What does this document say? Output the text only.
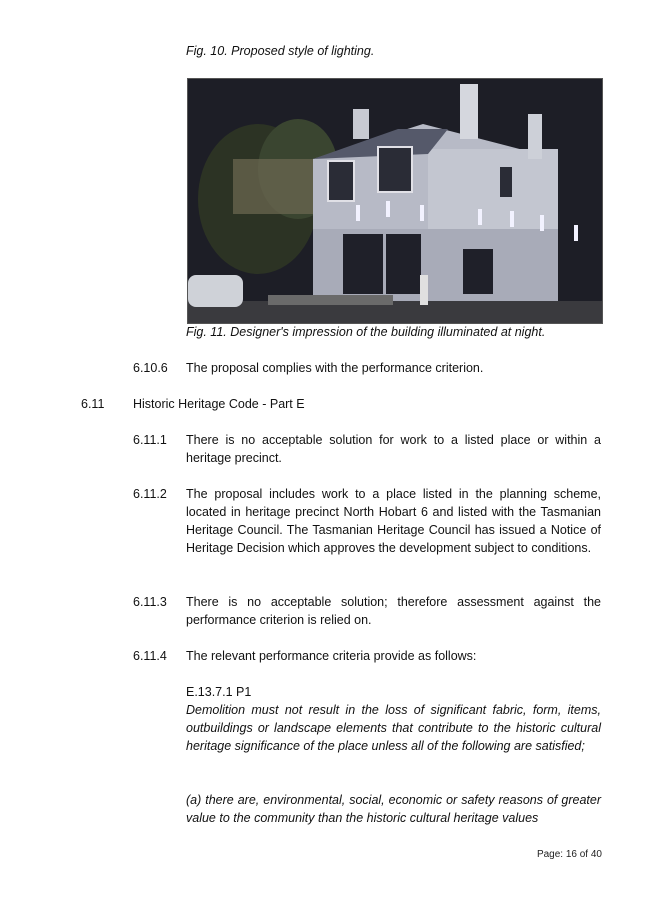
Fig. 10. Proposed style of lighting.
Fig. 11. Designer's impression of the building illuminated at night.
6.10.6 The proposal complies with the performance criterion.
6.11 Historic Heritage Code - Part E
6.11.1 There is no acceptable solution for work to a listed place or within a heritage precinct.
6.11.2 The proposal includes work to a place listed in the planning scheme, located in heritage precinct North Hobart 6 and listed with the Tasmanian Heritage Council. The Tasmanian Heritage Council has issued a Notice of Heritage Decision which approves the development subject to conditions.
6.11.3 There is no acceptable solution; therefore assessment against the performance criterion is relied on.
6.11.4 The relevant performance criteria provide as follows:
E.13.7.1 P1
Demolition must not result in the loss of significant fabric, form, items, outbuildings or landscape elements that contribute to the historic cultural heritage significance of the place unless all of the following are satisfied;
(a) there are, environmental, social, economic or safety reasons of greater value to the community than the historic cultural heritage values
Page: 16 of 40
